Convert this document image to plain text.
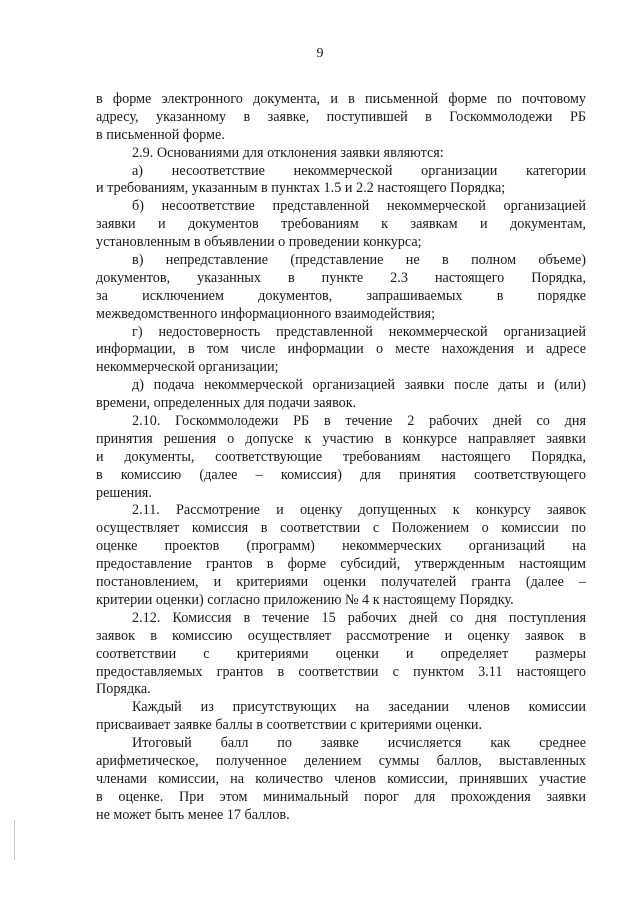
9
в форме электронного документа, и в письменной форме по почтовому
адресу, указанному в заявке, поступившей в Госкоммолодежи РБ
в письменной форме.
2.9. Основаниями для отклонения заявки являются:
а) несоответствие некоммерческой организации категории
и требованиям, указанным в пунктах 1.5 и 2.2 настоящего Порядка;
б) несоответствие представленной некоммерческой организацией
заявки и документов требованиям к заявкам и документам,
установленным в объявлении о проведении конкурса;
в) непредставление (представление не в полном объеме)
документов, указанных в пункте 2.3 настоящего Порядка,
за исключением документов, запрашиваемых в порядке
межведомственного информационного взаимодействия;
г) недостоверность представленной некоммерческой организацией
информации, в том числе информации о месте нахождения и адресе
некоммерческой организации;
д) подача некоммерческой организацией заявки после даты и (или)
времени, определенных для подачи заявок.
2.10. Госкоммолодежи РБ в течение 2 рабочих дней со дня
принятия решения о допуске к участию в конкурсе направляет заявки
и документы, соответствующие требованиям настоящего Порядка,
в комиссию (далее – комиссия) для принятия соответствующего
решения.
2.11. Рассмотрение и оценку допущенных к конкурсу заявок
осуществляет комиссия в соответствии с Положением о комиссии по
оценке проектов (программ) некоммерческих организаций на
предоставление грантов в форме субсидий, утвержденным настоящим
постановлением, и критериями оценки получателей гранта (далее –
критерии оценки) согласно приложению № 4 к настоящему Порядку.
2.12. Комиссия в течение 15 рабочих дней со дня поступления
заявок в комиссию осуществляет рассмотрение и оценку заявок в
соответствии с критериями оценки и определяет размеры
предоставляемых грантов в соответствии с пунктом 3.11 настоящего
Порядка.
Каждый из присутствующих на заседании членов комиссии
присваивает заявке баллы в соответствии с критериями оценки.
Итоговый балл по заявке исчисляется как среднее
арифметическое, полученное делением суммы баллов, выставленных
членами комиссии, на количество членов комиссии, принявших участие
в оценке. При этом минимальный порог для прохождения заявки
не может быть менее 17 баллов.
